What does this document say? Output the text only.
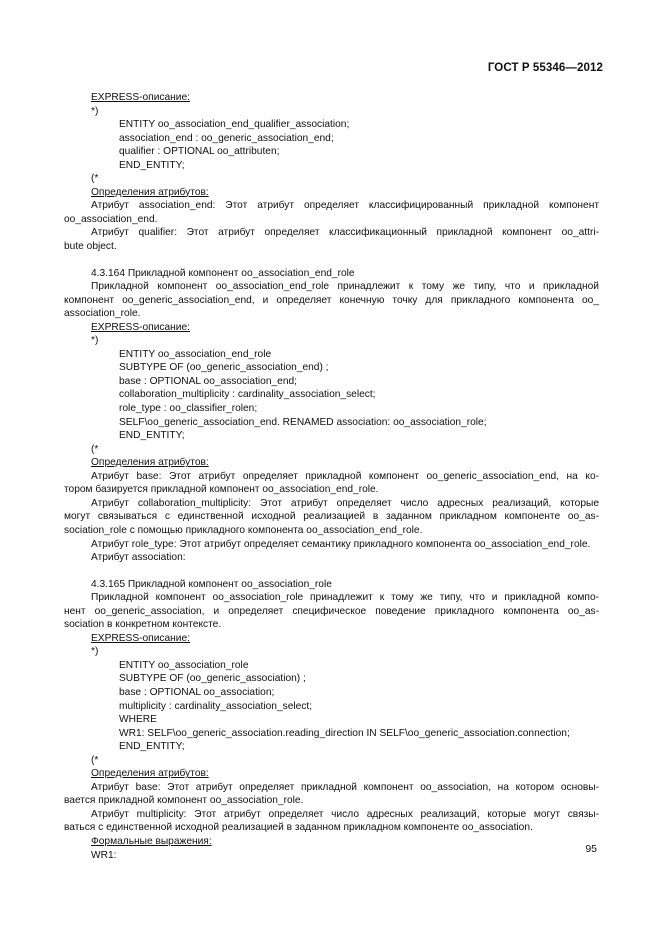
ГОСТ Р 55346—2012
EXPRESS-описание:
*)
ENTITY oo_association_end_qualifier_association;
association_end : oo_generic_association_end;
qualifier : OPTIONAL oo_attributen;
END_ENTITY;
(*
Определения атрибутов:
Атрибут association_end: Этот атрибут определяет классифицированный прикладной компонент
oo_association_end.
Атрибут qualifier: Этот атрибут определяет классификационный прикладной компонент oo_attri-
bute object.
4.3.164 Прикладной компонент oo_association_end_role
Прикладной компонент oo_association_end_role принадлежит к тому же типу, что и прикладной
компонент oo_generic_association_end, и определяет конечную точку для прикладного компонента oo_
association_role.
EXPRESS-описание:
*)
ENTITY oo_association_end_role
SUBTYPE OF (oo_generic_association_end) ;
base : OPTIONAL oo_association_end;
collaboration_multiplicity : cardinality_association_select;
role_type : oo_classifier_rolen;
SELF\oo_generic_association_end. RENAMED association: oo_association_role;
END_ENTITY;
(*
Определения атрибутов:
Атрибут base: Этот атрибут определяет прикладной компонент oo_generic_association_end, на ко-
тором базируется прикладной компонент oo_association_end_role.
Атрибут collaboration_multiplicity: Этот атрибут определяет число адресных реализаций, которые
могут связываться с единственной исходной реализацией в заданном прикладном компоненте oo_as-
sociation_role с помощью прикладного компонента oo_association_end_role.
Атрибут role_type: Этот атрибут определяет семантику прикладного компонента oo_association_end_role.
Атрибут association:
4.3.165 Прикладной компонент oo_association_role
Прикладной компонент oo_association_role принадлежит к тому же типу, что и прикладной компо-
нент oo_generic_association, и определяет специфическое поведение прикладного компонента oo_as-
sociation в конкретном контексте.
EXPRESS-описание:
*)
ENTITY oo_association_role
SUBTYPE OF (oo_generic_association) ;
base : OPTIONAL oo_association;
multiplicity : cardinality_association_select;
WHERE
WR1: SELF\oo_generic_association.reading_direction IN SELF\oo_generic_association.connection;
END_ENTITY;
(*
Определения атрибутов:
Атрибут base: Этот атрибут определяет прикладной компонент oo_association, на котором основы-
вается прикладной компонент oo_association_role.
Атрибут multiplicity: Этот атрибут определяет число адресных реализаций, которые могут связы-
ваться с единственной исходной реализацией в заданном прикладном компоненте oo_association.
Формальные выражения:
WR1:
95
